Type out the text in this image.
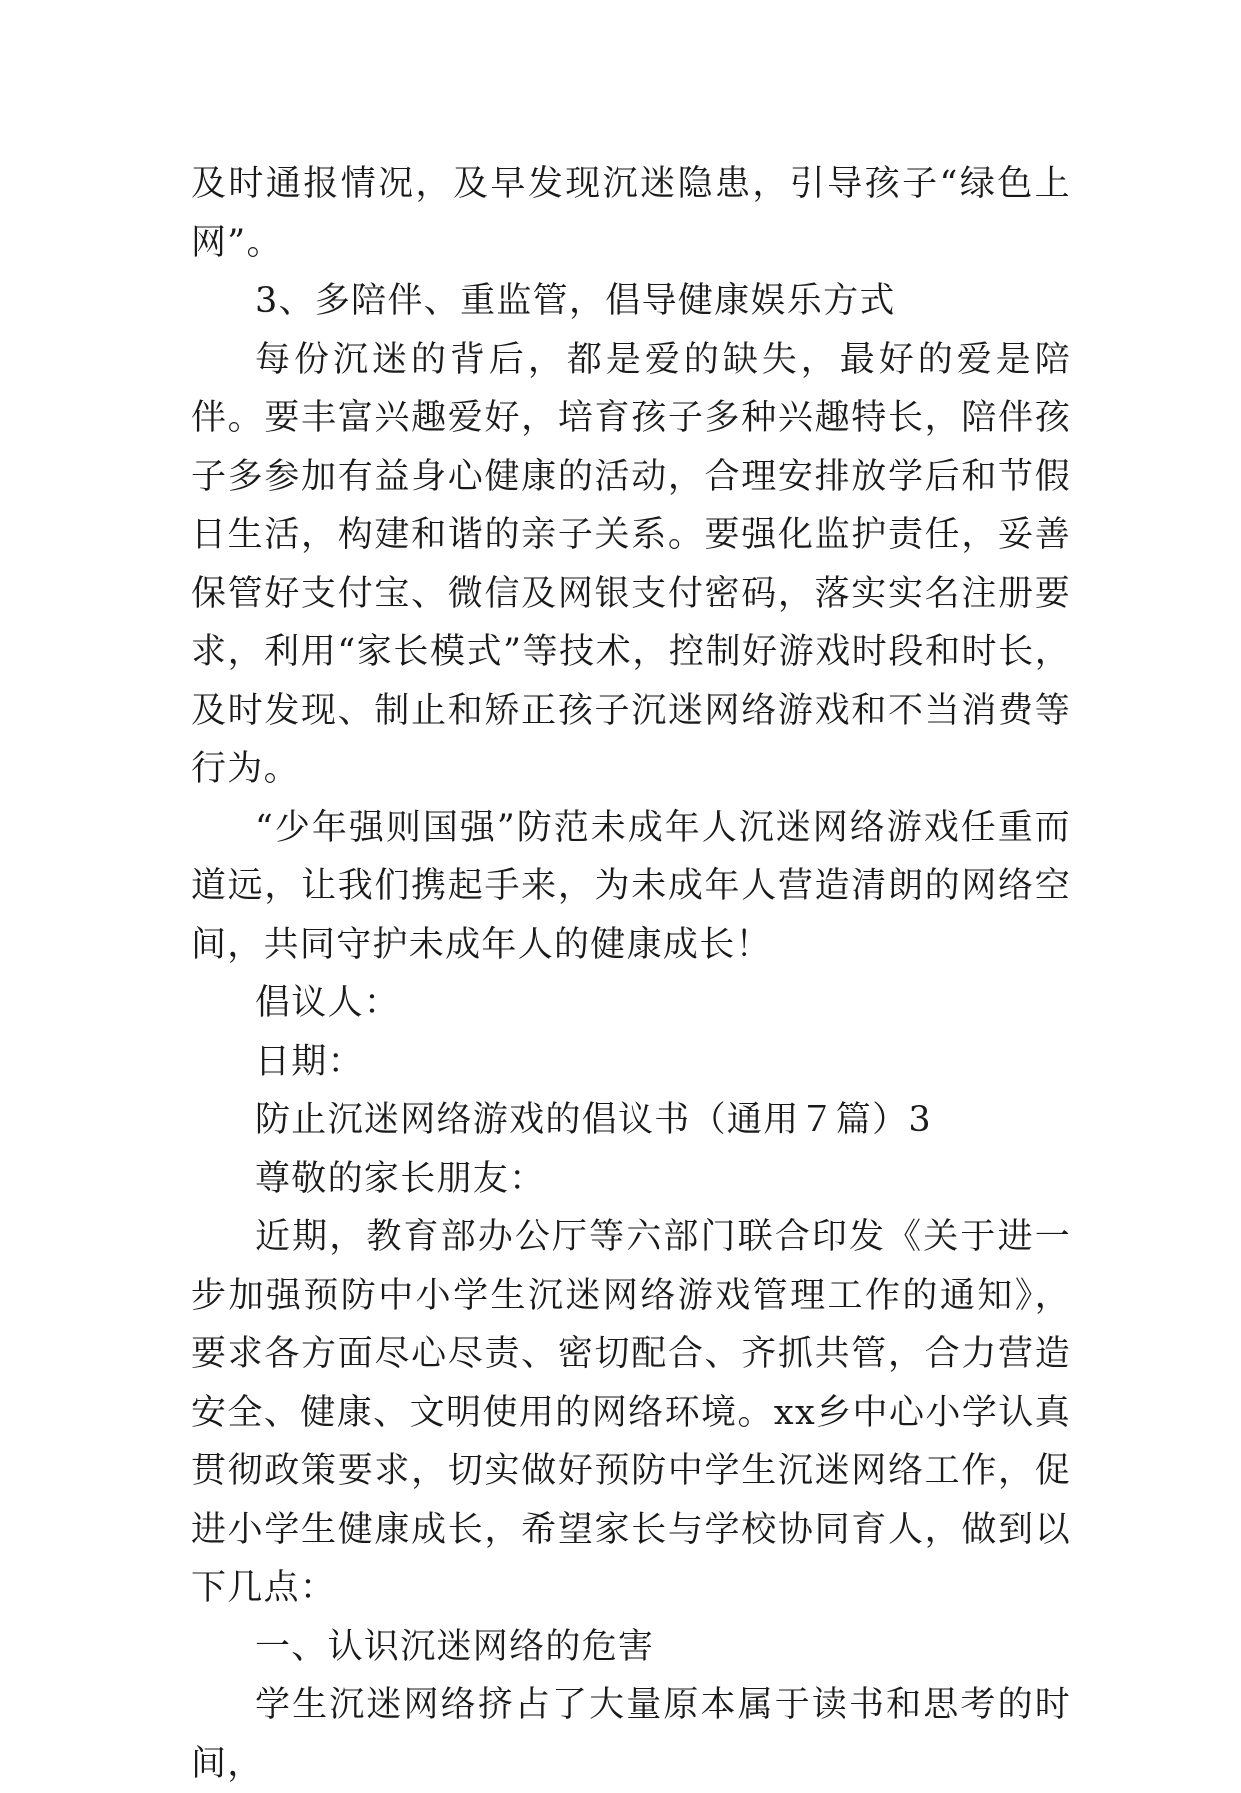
及时通报情况，及早发现沉迷隐患，引导孩子“绿色上网”。

3、多陪伴、重监管，倡导健康娱乐方式

每份沉迷的背后，都是爱的缺失，最好的爱是陪伴。要丰富兴趣爱好，培育孩子多种兴趣特长，陪伴孩子多参加有益身心健康的活动，合理安排放学后和节假日生活，构建和谐的亲子关系。要强化监护责任，妥善保管好支付宝、微信及网银支付密码，落实实名注册要求，利用“家长模式”等技术，控制好游戏时段和时长，及时发现、制止和矫正孩子沉迷网络游戏和不当消费等行为。

“少年强则国强”防范未成年人沉迷网络游戏任重而道远，让我们携起手来，为未成年人营造清朗的网络空间，共同守护未成年人的健康成长！

倡议人：

日期：

防止沉迷网络游戏的倡议书（通用７篇）3

尊敬的家长朋友：

近期，教育部办公厅等六部门联合印发《关于进一步加强预防中小学生沉迷网络游戏管理工作的通知》，要求各方面尽心尽责、密切配合、齐抓共管，合力营造安全、健康、文明使用的网络环境。xx乡中心小学认真贯彻政策要求，切实做好预防中学生沉迷网络工作，促进小学生健康成长，希望家长与学校协同育人，做到以下几点：

一、认识沉迷网络的危害

学生沉迷网络挤占了大量原本属于读书和思考的时间，
